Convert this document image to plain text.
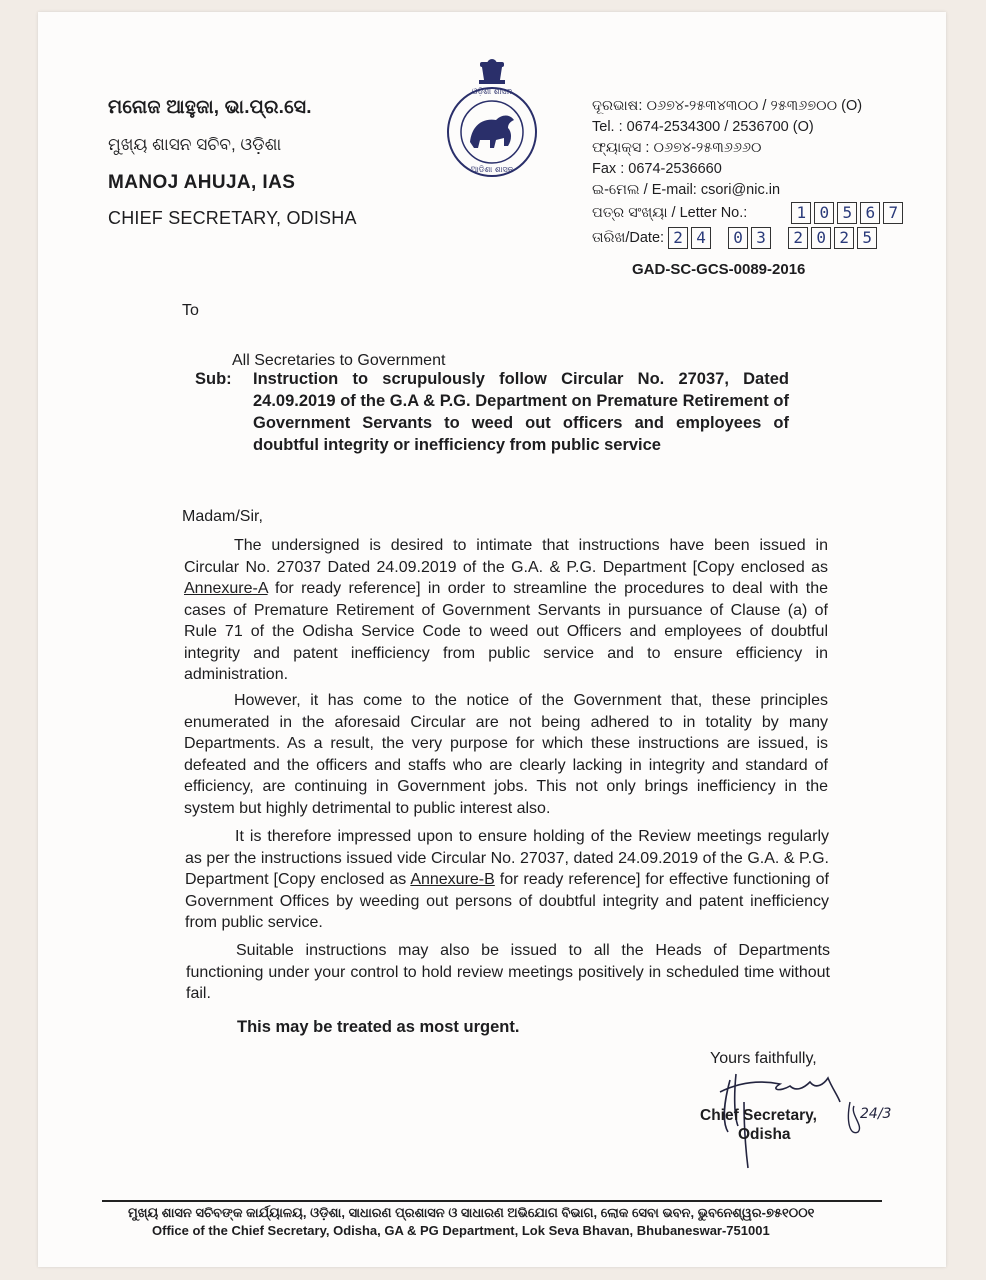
ମନୋଜ ଆହୁଜା, ଭା.ପ୍ର.ସେ.
ମୁଖ୍ୟ ଶାସନ ସଚିବ, ଓଡ଼ିଶା
MANOJ AHUJA, IAS
CHIEF SECRETARY, ODISHA
ଓଡ଼ିଶା ଶାସନ
ଆଡିଶା ଶାସନ
ଦୂରଭାଷ: ୦୬୭୪-୨୫୩୪୩୦୦ / ୨୫୩୬୭୦୦ (O)
Tel. : 0674-2534300 / 2536700 (O)
ଫ୍ୟାକ୍ସ : ୦୬୭୪-୨୫୩୬୬୬୦
Fax : 0674-2536660
ଇ-ମେଲ / E-mail: csori@nic.in
ପତ୍ର ସଂଖ୍ୟା / Letter No.:	1 0 5 6 7
ତାରିଖ/Date: 2 4 0 3 2 0 2 5
GAD-SC-GCS-0089-2016
To
All Secretaries to Government
Sub: Instruction to scrupulously follow Circular No. 27037, Dated 24.09.2019 of the G.A & P.G. Department on Premature Retirement of Government Servants to weed out officers and employees of doubtful integrity or inefficiency from public service
Madam/Sir,
The undersigned is desired to intimate that instructions have been issued in Circular No. 27037 Dated 24.09.2019 of the G.A. & P.G. Department [Copy enclosed as Annexure-A for ready reference] in order to streamline the procedures to deal with the cases of Premature Retirement of Government Servants in pursuance of Clause (a) of Rule 71 of the Odisha Service Code to weed out Officers and employees of doubtful integrity and patent inefficiency from public service and to ensure efficiency in administration.
However, it has come to the notice of the Government that, these principles enumerated in the aforesaid Circular are not being adhered to in totality by many Departments. As a result, the very purpose for which these instructions are issued, is defeated and the officers and staffs who are clearly lacking in integrity and standard of efficiency, are continuing in Government jobs. This not only brings inefficiency in the system but highly detrimental to public interest also.
It is therefore impressed upon to ensure holding of the Review meetings regularly as per the instructions issued vide Circular No. 27037, dated 24.09.2019 of the G.A. & P.G. Department [Copy enclosed as Annexure-B for ready reference] for effective functioning of Government Offices by weeding out persons of doubtful integrity and patent inefficiency from public service.
Suitable instructions may also be issued to all the Heads of Departments functioning under your control to hold review meetings positively in scheduled time without fail.
This may be treated as most urgent.
Yours faithfully,
24/3
Chief Secretary,
Odisha
ମୁଖ୍ୟ ଶାସନ ସଚିବଙ୍କ କାର୍ଯ୍ୟାଳୟ, ଓଡ଼ିଶା, ସାଧାରଣ ପ୍ରଶାସନ ଓ ସାଧାରଣ ଅଭିଯୋଗ ବିଭାଗ, ଲୋକ ସେବା ଭବନ, ଭୁବନେଶ୍ୱର-୭୫୧୦୦୧
Office of the Chief Secretary, Odisha, GA & PG Department, Lok Seva Bhavan, Bhubaneswar-751001
